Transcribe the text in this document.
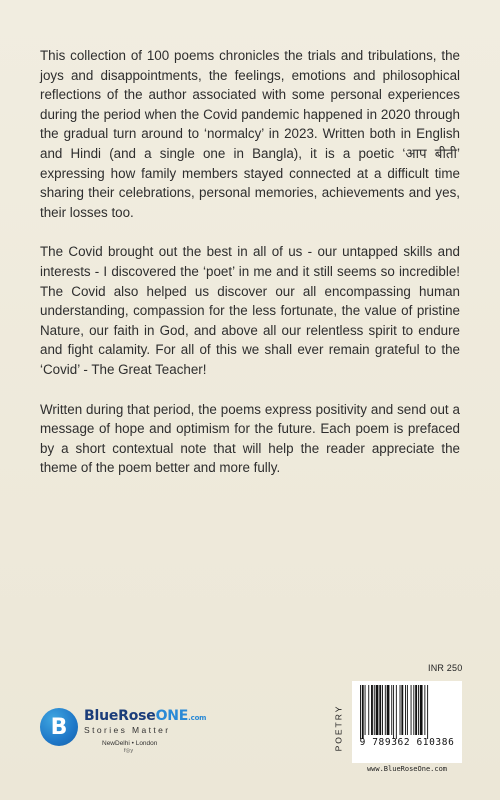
This collection of 100 poems chronicles the trials and tribulations, the joys and disappointments, the feelings, emotions and philosophical reflections of the author associated with some personal experiences during the period when the Covid pandemic happened in 2020 through the gradual turn around to ‘normalcy’ in 2023. Written both in English and Hindi (and a single one in Bangla), it is a poetic ‘आप बीती’ expressing how family members stayed connected at a difficult time sharing their celebrations, personal memories, achievements and yes, their losses too.

The Covid brought out the best in all of us - our untapped skills and interests - I discovered the ‘poet’ in me and it still seems so incredible! The Covid also helped us discover our all encompassing human understanding, compassion for the less fortunate, the value of pristine Nature, our faith in God, and above all our relentless spirit to endure and fight calamity. For all of this we shall ever remain grateful to the ‘Covid’ - The Great Teacher!

Written during that period, the poems express positivity and send out a message of hope and optimism for the future. Each poem is prefaced by a short contextual note that will help the reader appreciate the theme of the poem better and more fully.

INR 250
POETRY	9 789362 610386
www.BlueRoseOne.com
B	BlueRoseONE.com
Stories Matter
NewDelhi • London
f◎y
